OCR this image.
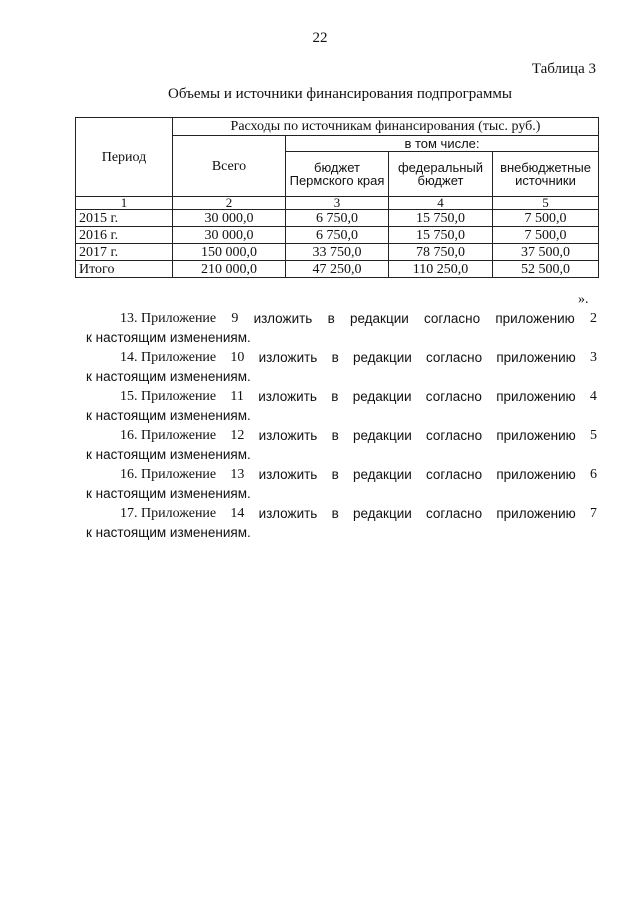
22
Таблица 3
Объемы и источники финансирования подпрограммы
Период	Расходы по источникам финансирования (тыс. руб.)			
	Всего	в том числе:		
		бюджет Пермского края	федеральный бюджет	внебюджетные источники
1	2	3	4	5
2015 г.	30 000,0	6 750,0	15 750,0	7 500,0
2016 г.	30 000,0	6 750,0	15 750,0	7 500,0
2017 г.	150 000,0	33 750,0	78 750,0	37 500,0
Итого	210 000,0	47 250,0	110 250,0	52 500,0
».
13. Приложение 9 изложить в редакции согласно приложению 2
к настоящим изменениям.
14. Приложение 10 изложить в редакции согласно приложению 3
к настоящим изменениям.
15. Приложение 11 изложить в редакции согласно приложению 4
к настоящим изменениям.
16. Приложение 12 изложить в редакции согласно приложению 5
к настоящим изменениям.
16. Приложение 13 изложить в редакции согласно приложению 6
к настоящим изменениям.
17. Приложение 14 изложить в редакции согласно приложению 7
к настоящим изменениям.
